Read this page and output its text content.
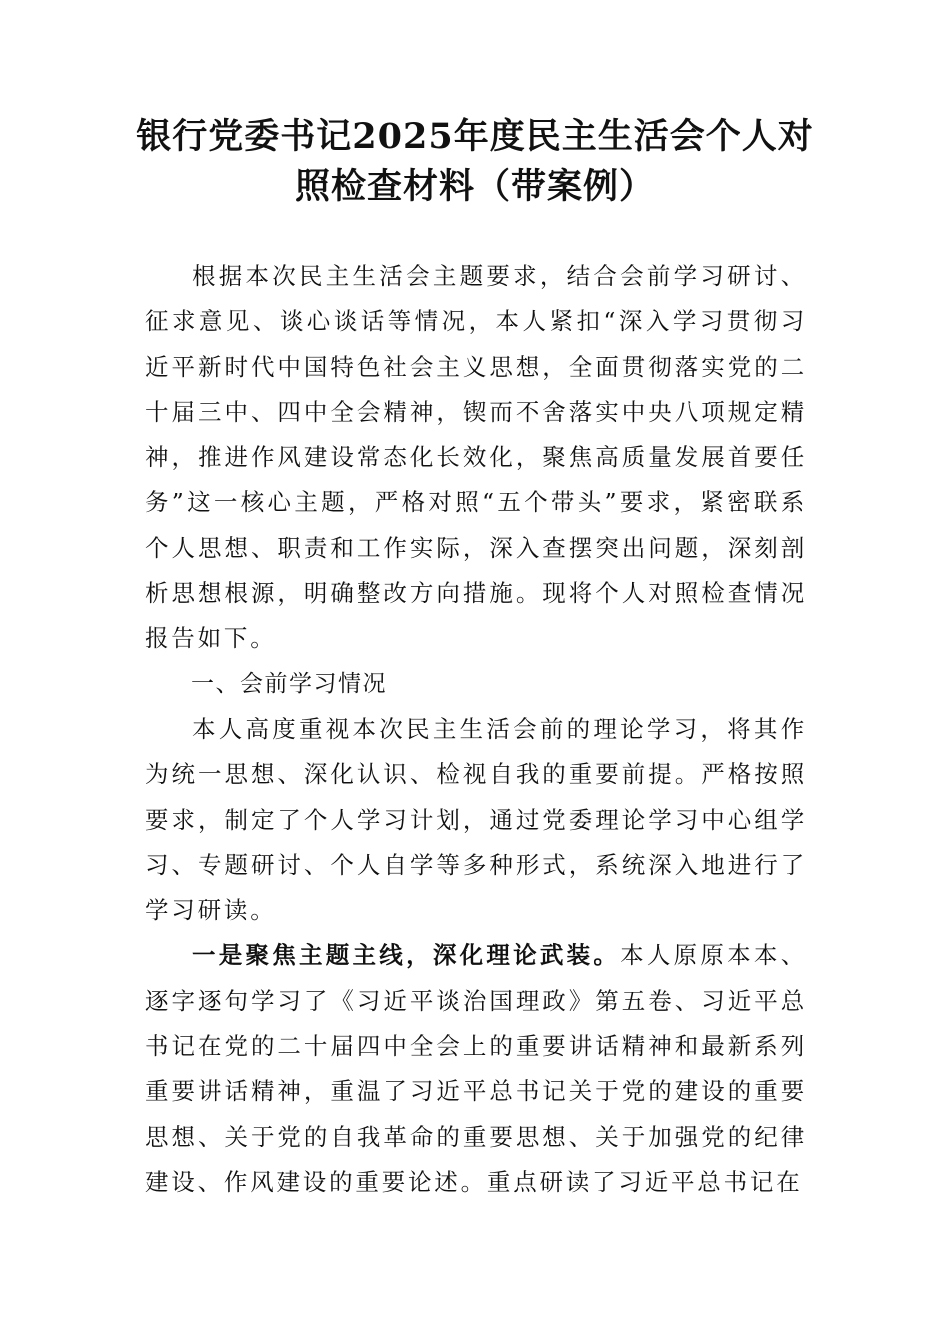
银行党委书记2025年度民主生活会个人对
照检查材料（带案例）

根据本次民主生活会主题要求，结合会前学习研讨、征求意见、谈心谈话等情况，本人紧扣“深入学习贯彻习近平新时代中国特色社会主义思想，全面贯彻落实党的二十届三中、四中全会精神，锲而不舍落实中央八项规定精神，推进作风建设常态化长效化，聚焦高质量发展首要任务”这一核心主题，严格对照“五个带头”要求，紧密联系个人思想、职责和工作实际，深入查摆突出问题，深刻剖析思想根源，明确整改方向措施。现将个人对照检查情况报告如下。

一、会前学习情况

本人高度重视本次民主生活会前的理论学习，将其作为统一思想、深化认识、检视自我的重要前提。严格按照要求，制定了个人学习计划，通过党委理论学习中心组学习、专题研讨、个人自学等多种形式，系统深入地进行了学习研读。

一是聚焦主题主线，深化理论武装。本人原原本本、逐字逐句学习了《习近平谈治国理政》第五卷、习近平总书记在党的二十届四中全会上的重要讲话精神和最新系列重要讲话精神，重温了习近平总书记关于党的建设的重要思想、关于党的自我革命的重要思想、关于加强党的纪律建设、作风建设的重要论述。重点研读了习近平总书记在
